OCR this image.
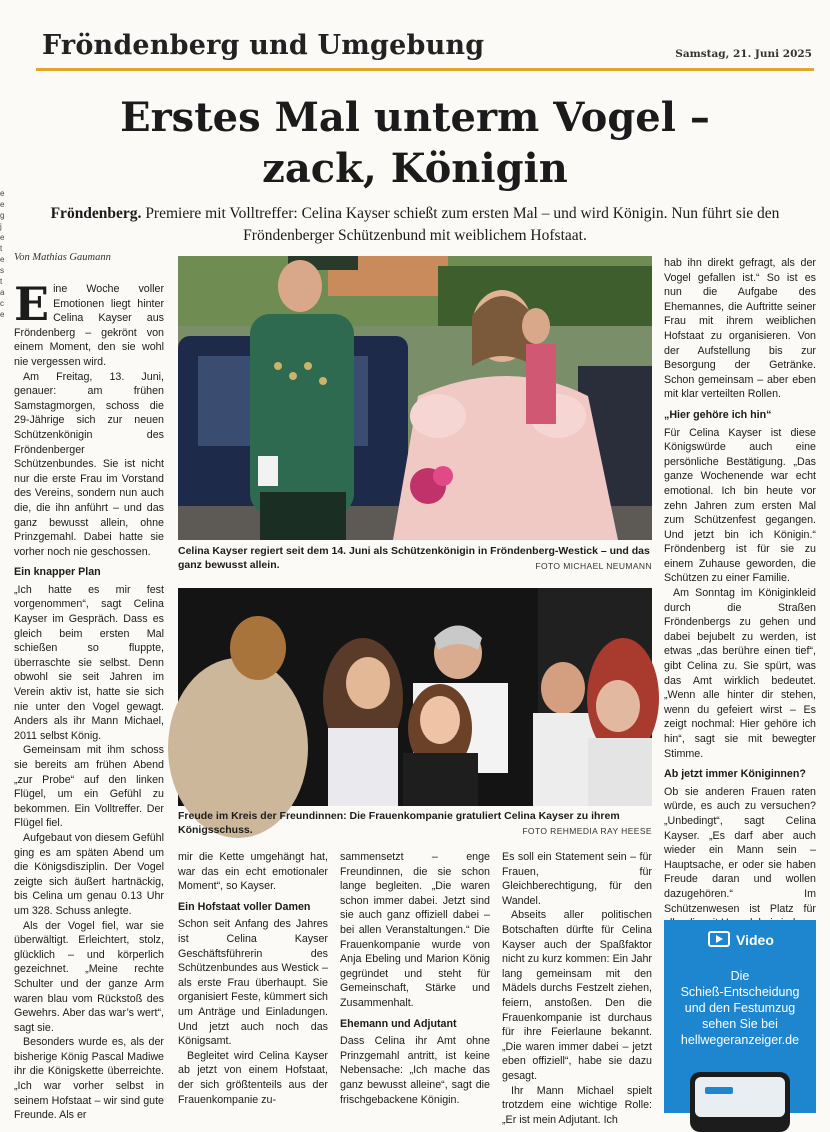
Fröndenberg und Umgebung	Samstag, 21. Juni 2025
Erstes Mal unterm Vogel –
zack, Königin
Fröndenberg. Premiere mit Volltreffer: Celina Kayser schießt zum ersten Mal – und wird Königin. Nun führt sie den Fröndenberger Schützenbund mit weiblichem Hofstaat.
e e g j e t e s t a c e
Von Mathias Gaumann

Eine Woche voller Emotionen liegt hinter Celina Kayser aus Fröndenberg – gekrönt von einem Moment, den sie wohl nie vergessen wird.

Am Freitag, 13. Juni, genauer: am frühen Samstagmorgen, schoss die 29-Jährige sich zur neuen Schützenkönigin des Fröndenberger Schützenbundes. Sie ist nicht nur die erste Frau im Vorstand des Vereins, sondern nun auch die, die ihn anführt – und das ganz bewusst allein, ohne Prinzgemahl. Dabei hatte sie vorher noch nie geschossen.

Ein knapper Plan

„Ich hatte es mir fest vorgenommen“, sagt Celina Kayser im Gespräch. Dass es gleich beim ersten Mal schießen so fluppte, überraschte sie selbst. Denn obwohl sie seit Jahren im Verein aktiv ist, hatte sie sich nie unter den Vogel gewagt. Anders als ihr Mann Michael, 2011 selbst König.

Gemeinsam mit ihm schoss sie bereits am frühen Abend „zur Probe“ auf den linken Flügel, um ein Gefühl zu bekommen. Ein Volltreffer. Der Flügel fiel.

Aufgebaut von diesem Gefühl ging es am späten Abend um die Königsdisziplin. Der Vogel zeigte sich äußert hartnäckig, bis Celina um genau 0.13 Uhr um 328. Schuss anlegte.

Als der Vogel fiel, war sie überwältigt. Erleichtert, stolz, glücklich – und körperlich gezeichnet. „Meine rechte Schulter und der ganze Arm waren blau vom Rückstoß des Gewehrs. Aber das war’s wert“, sagt sie.

Besonders wurde es, als der bisherige König Pascal Madiwe ihr die Königskette überreichte. „Ich war vorher selbst in seinem Hofstaat – wir sind gute Freunde. Als er

Celina Kayser regiert seit dem 14. Juni als Schützenkönigin in Fröndenberg-Westick – und das ganz bewusst allein.	FOTO MICHAEL NEUMANN
Freude im Kreis der Freundinnen: Die Frauenkompanie gratuliert Celina Kayser zu ihrem Königsschuss.	FOTO REHMEDIA RAY HEESE

mir die Kette umgehängt hat, war das ein echt emotionaler Moment“, so Kayser.

Ein Hofstaat voller Damen

Schon seit Anfang des Jahres ist Celina Kayser Geschäftsführerin des Schützenbundes aus Westick – als erste Frau überhaupt. Sie organisiert Feste, kümmert sich um Anträge und Einladungen. Und jetzt auch noch das Königsamt.

Begleitet wird Celina Kayser ab jetzt von einem Hofstaat, der sich größtenteils aus der Frauenkompanie zu-

sammensetzt – enge Freundinnen, die sie schon lange begleiten. „Die waren schon immer dabei. Jetzt sind sie auch ganz offiziell dabei – bei allen Veranstaltungen.“ Die Frauenkompanie wurde von Anja Ebeling und Marion König gegründet und steht für Gemeinschaft, Stärke und Zusammenhalt.

Ehemann und Adjutant

Dass Celina ihr Amt ohne Prinzgemahl antritt, ist keine Nebensache: „Ich mache das ganz bewusst alleine“, sagt die frischgebackene Königin.

Es soll ein Statement sein – für Frauen, für Gleichberechtigung, für den Wandel.

Abseits aller politischen Botschaften dürfte für Celina Kayser auch der Spaßfaktor nicht zu kurz kommen: Ein Jahr lang gemeinsam mit den Mädels durchs Festzelt ziehen, feiern, anstoßen. Den die Frauenkompanie ist durchaus für ihre Feierlaune bekannt. „Die waren immer dabei – jetzt eben offiziell“, habe sie dazu gesagt.

Ihr Mann Michael spielt trotzdem eine wichtige Rolle: „Er ist mein Adjutant. Ich

hab ihn direkt gefragt, als der Vogel gefallen ist.“ So ist es nun die Aufgabe des Ehemannes, die Auftritte seiner Frau mit ihrem weiblichen Hofstaat zu organisieren. Von der Aufstellung bis zur Besorgung der Getränke. Schon gemeinsam – aber eben mit klar verteilten Rollen.

„Hier gehöre ich hin“

Für Celina Kayser ist diese Königswürde auch eine persönliche Bestätigung. „Das ganze Wochenende war echt emotional. Ich bin heute vor zehn Jahren zum ersten Mal zum Schützenfest gegangen. Und jetzt bin ich Königin.“ Fröndenberg ist für sie zu einem Zuhause geworden, die Schützen zu einer Familie.

Am Sonntag im Königinkleid durch die Straßen Fröndenbergs zu gehen und dabei bejubelt zu werden, ist etwas „das berühre einen tief“, gibt Celina zu. Sie spürt, was das Amt wirklich bedeutet. „Wenn alle hinter dir stehen, wenn du gefeiert wirst – Es zeigt nochmal: Hier gehöre ich hin“, sagt sie mit bewegter Stimme.

Ab jetzt immer Königinnen?

Ob sie anderen Frauen raten würde, es auch zu versuchen? „Unbedingt“, sagt Celina Kayser. „Es darf aber auch wieder ein Mann sein – Hauptsache, er oder sie haben Freude daran und wollen dazugehören.“ Im Schützenwesen ist Platz für

Video
Die
Schieß-Entscheidung
und den Festumzug
sehen Sie bei
hellwegeranzeiger.de
